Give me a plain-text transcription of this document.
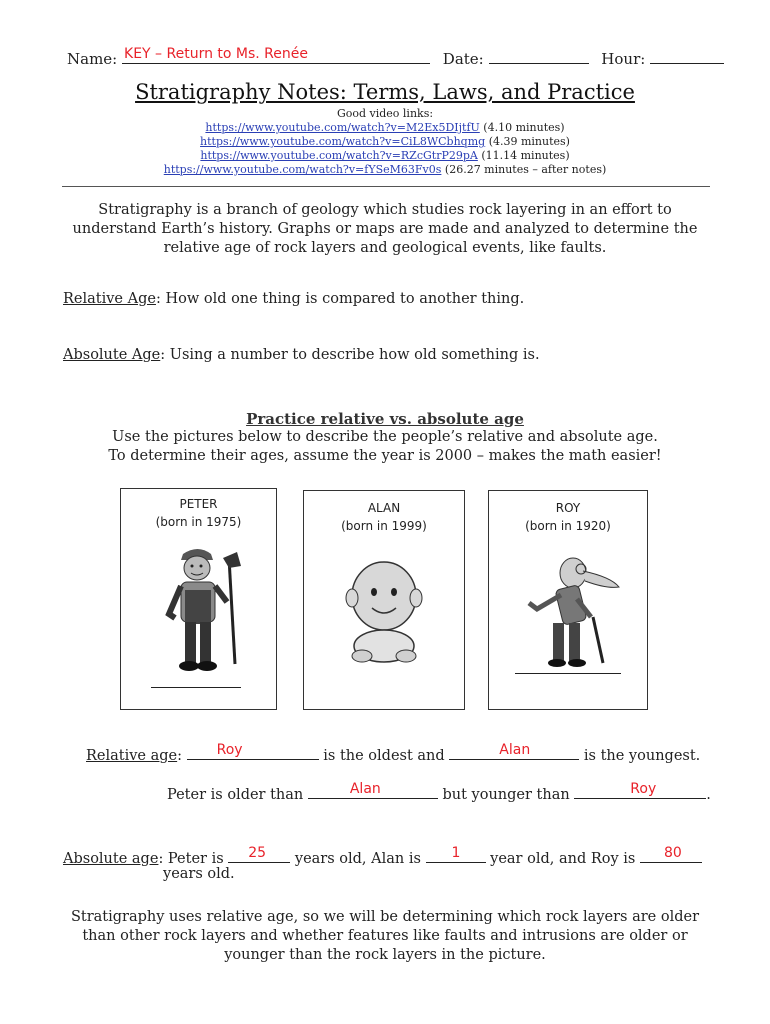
Name: KEY – Return to Ms. Renée	Date:	Hour:
Stratigraphy Notes: Terms, Laws, and Practice
Good video links:
https://www.youtube.com/watch?v=M2Ex5DIjtfU (4.10 minutes)
https://www.youtube.com/watch?v=CiL8WCbhqmg (4.39 minutes)
https://www.youtube.com/watch?v=RZcGtrP29pA (11.14 minutes)
https://www.youtube.com/watch?v=fYSeM63Fv0s (26.27 minutes – after notes)
Stratigraphy is a branch of geology which studies rock layering in an effort to
understand Earth’s history. Graphs or maps are made and analyzed to determine the
relative age of rock layers and geological events, like faults.
Relative Age: How old one thing is compared to another thing.
Absolute Age: Using a number to describe how old something is.
Practice relative vs. absolute age
Use the pictures below to describe the people’s relative and absolute age.
To determine their ages, assume the year is 2000 – makes the math easier!
PETER
(born in 1975)
ALAN
(born in 1999)
ROY
(born in 1920)
Relative age: Roy	is the oldest and	Alan	is the youngest.
Peter is older than	Alan	but younger than	Roy	.
Absolute age: Peter is 25 years old, Alan is 1 year old, and Roy is 80
years old.
Stratigraphy uses relative age, so we will be determining which rock layers are older
than other rock layers and whether features like faults and intrusions are older or
younger than the rock layers in the picture.
